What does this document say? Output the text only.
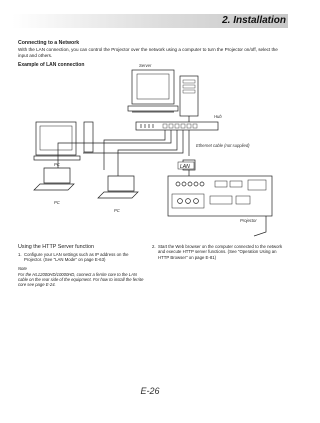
2. Installation
Connecting to a Network
With the LAN connection, you can control the Projector over the network using a computer to turn the Projector on/off, select the input and others.
Server
Hub
Ethernet cable (not supplied)
PC
PC
PC
LAN
Projector
Example of LAN connection
Using the HTTP Server function
1. Configure your LAN settings such as IP address on the Projector. (See "LAN Mode" on page E-63)
Note
For the HL12000HD/10000HD, connect a ferrite core to the LAN cable on the rear side of the equipment. For how to install the ferrite core see page E-24.
2. Start the Web browser on the computer connected to the network and execute HTTP server functions. (See "Operation Using an HTTP Browser" on page E-81)
E-26
